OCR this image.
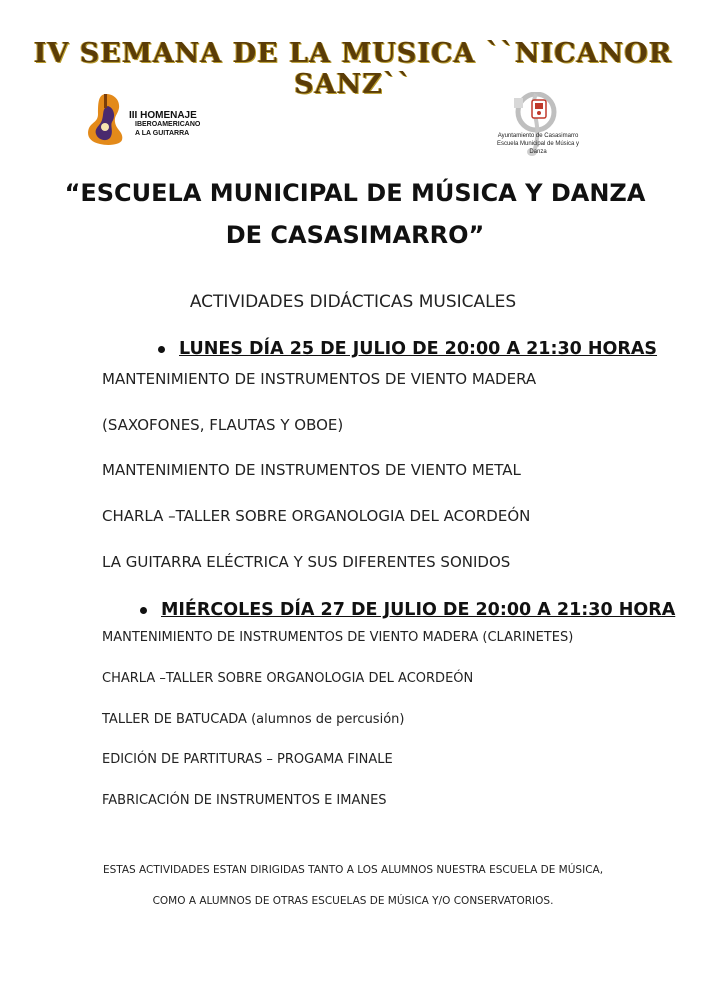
IV SEMANA DE LA MUSICA ``NICANOR SANZ``
III HOMENAJE
IBEROAMERICANO
A LA GUITARRA	Ayuntamiento de Casasimarro
Escuela Municipal de Música y Danza
“ESCUELA MUNICIPAL DE MÚSICA Y DANZA
DE CASASIMARRO”
ACTIVIDADES DIDÁCTICAS MUSICALES
LUNES DÍA 25 DE JULIO DE 20:00 A 21:30 HORAS
MANTENIMIENTO DE INSTRUMENTOS DE VIENTO MADERA
(SAXOFONES, FLAUTAS Y OBOE)
MANTENIMIENTO DE INSTRUMENTOS DE VIENTO METAL
CHARLA –TALLER SOBRE ORGANOLOGIA DEL ACORDEÓN
LA GUITARRA ELÉCTRICA Y SUS DIFERENTES SONIDOS
MIÉRCOLES DÍA 27 DE JULIO DE 20:00 A 21:30 HORA
MANTENIMIENTO DE INSTRUMENTOS DE VIENTO MADERA (CLARINETES)
CHARLA –TALLER SOBRE ORGANOLOGIA DEL ACORDEÓN
TALLER DE BATUCADA (alumnos de percusión)
EDICIÓN DE PARTITURAS – PROGAMA FINALE
FABRICACIÓN DE INSTRUMENTOS E IMANES
ESTAS ACTIVIDADES ESTAN DIRIGIDAS TANTO A LOS ALUMNOS NUESTRA ESCUELA DE MÚSICA,
COMO A ALUMNOS DE OTRAS ESCUELAS DE MÚSICA Y/O CONSERVATORIOS.
